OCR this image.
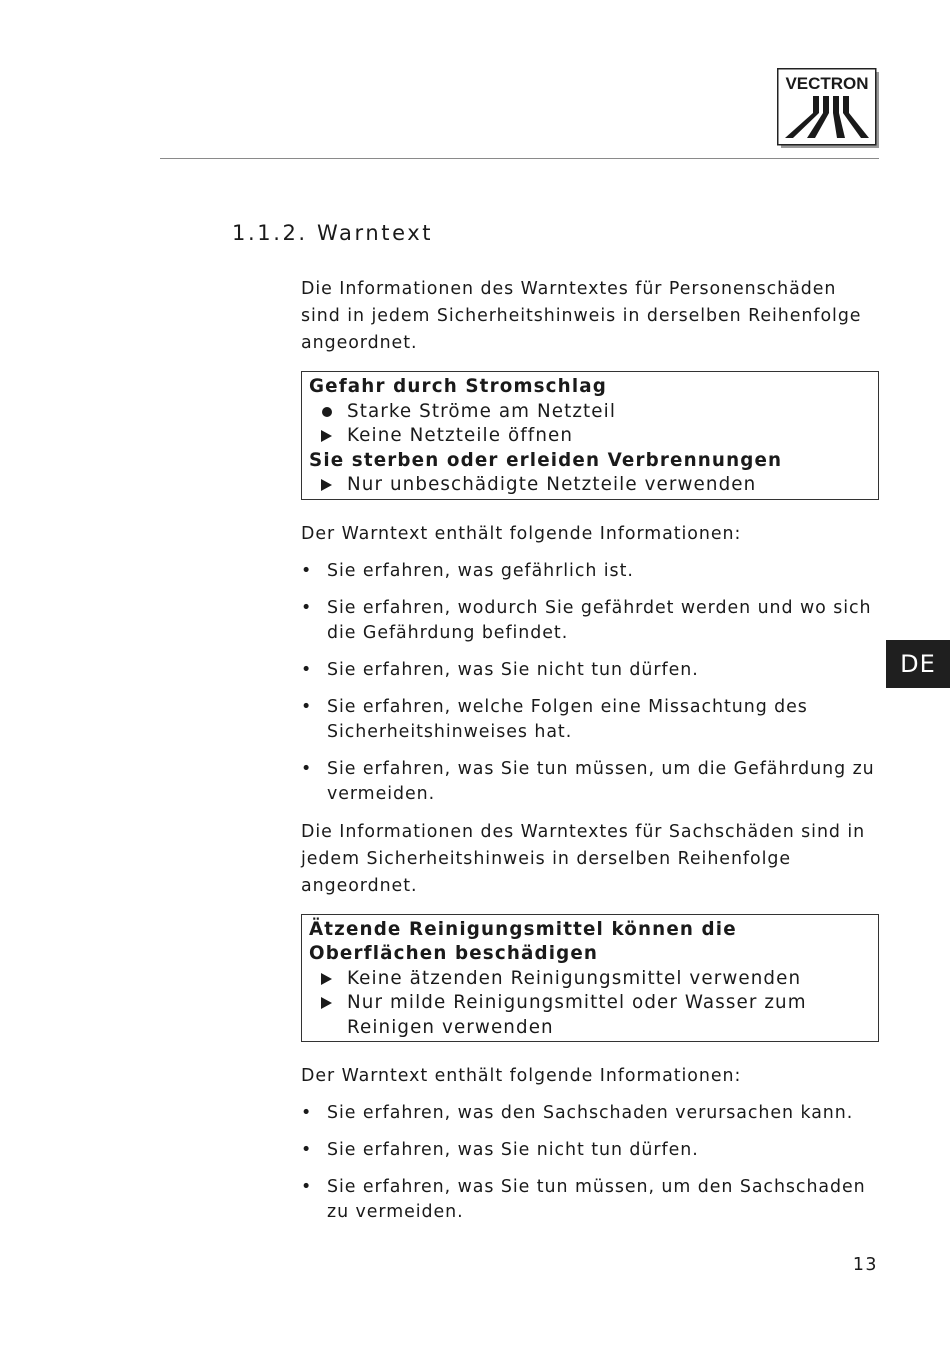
VECTRON
1.1.2. Warntext

Die Informationen des Warntextes für Personenschäden sind in jedem Sicherheitshinweis in derselben Reihenfolge angeordnet.

Gefahr durch Stromschlag
Starke Ströme am Netzteil
Keine Netzteile öffnen
Sie sterben oder erleiden Verbrennungen
Nur unbeschädigte Netzteile verwenden

Der Warntext enthält folgende Informationen:

• Sie erfahren, was gefährlich ist.
• Sie erfahren, wodurch Sie gefährdet werden und wo sich die Gefährdung befindet.
• Sie erfahren, was Sie nicht tun dürfen.
• Sie erfahren, welche Folgen eine Missachtung des Sicherheitshinweises hat.
• Sie erfahren, was Sie tun müssen, um die Gefährdung zu vermeiden.

Die Informationen des Warntextes für Sachschäden sind in jedem Sicherheitshinweis in derselben Reihenfolge angeordnet.

Ätzende Reinigungsmittel können die Oberflächen beschädigen
Keine ätzenden Reinigungsmittel verwenden
Nur milde Reinigungsmittel oder Wasser zum Reinigen verwenden

Der Warntext enthält folgende Informationen:

• Sie erfahren, was den Sachschaden verursachen kann.
• Sie erfahren, was Sie nicht tun dürfen.
• Sie erfahren, was Sie tun müssen, um den Sachschaden zu vermeiden.
DE
13
